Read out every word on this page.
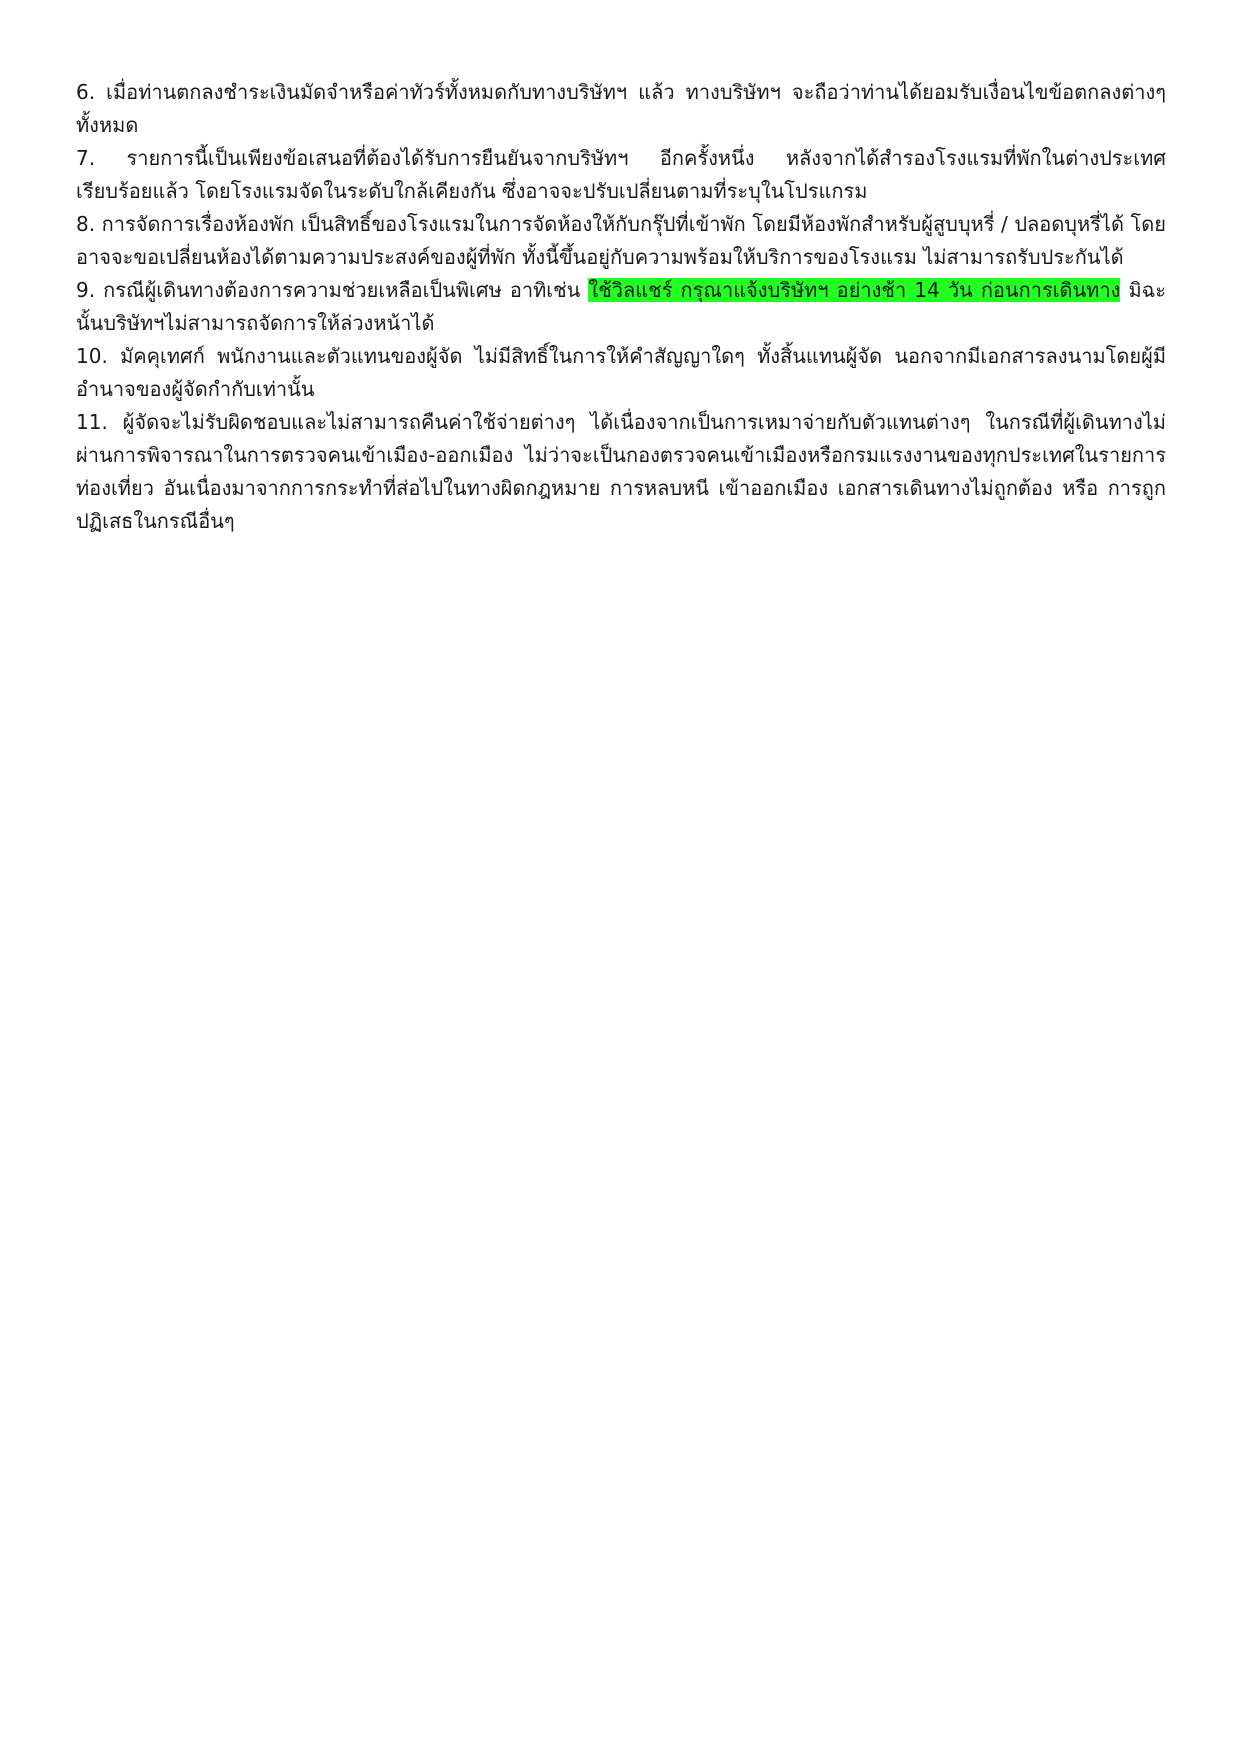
6. เมื่อท่านตกลงชำระเงินมัดจำหรือค่าทัวร์ทั้งหมดกับทางบริษัทฯ แล้ว ทางบริษัทฯ จะถือว่าท่านได้ยอมรับเงื่อนไขข้อตกลงต่างๆ ทั้งหมด

7. รายการนี้เป็นเพียงข้อเสนอที่ต้องได้รับการยืนยันจากบริษัทฯ อีกครั้งหนึ่ง หลังจากได้สำรองโรงแรมที่พักในต่างประเทศเรียบร้อยแล้ว โดยโรงแรมจัดในระดับใกล้เคียงกัน ซึ่งอาจจะปรับเปลี่ยนตามที่ระบุในโปรแกรม

8. การจัดการเรื่องห้องพัก เป็นสิทธิ์ของโรงแรมในการจัดห้องให้กับกรุ๊ปที่เข้าพัก โดยมีห้องพักสำหรับผู้สูบบุหรี่ / ปลอดบุหรี่ได้ โดยอาจจะขอเปลี่ยนห้องได้ตามความประสงค์ของผู้ที่พัก ทั้งนี้ขึ้นอยู่กับความพร้อมให้บริการของโรงแรม ไม่สามารถรับประกันได้

9. กรณีผู้เดินทางต้องการความช่วยเหลือเป็นพิเศษ อาทิเช่น ใช้วิลแชร์ กรุณาแจ้งบริษัทฯ อย่างช้า 14 วัน ก่อนการเดินทาง มิฉะนั้นบริษัทฯไม่สามารถจัดการให้ล่วงหน้าได้

10. มัคคุเทศก์ พนักงานและตัวแทนของผู้จัด ไม่มีสิทธิ์ในการให้คำสัญญาใดๆ ทั้งสิ้นแทนผู้จัด นอกจากมีเอกสารลงนามโดยผู้มีอำนาจของผู้จัดกำกับเท่านั้น

11. ผู้จัดจะไม่รับผิดชอบและไม่สามารถคืนค่าใช้จ่ายต่างๆ ได้เนื่องจากเป็นการเหมาจ่ายกับตัวแทนต่างๆ ในกรณีที่ผู้เดินทางไม่ผ่านการพิจารณาในการตรวจคนเข้าเมือง-ออกเมือง ไม่ว่าจะเป็นกองตรวจคนเข้าเมืองหรือกรมแรงงานของทุกประเทศในรายการท่องเที่ยว อันเนื่องมาจากการกระทำที่ส่อไปในทางผิดกฎหมาย การหลบหนี เข้าออกเมือง เอกสารเดินทางไม่ถูกต้อง หรือ การถูกปฏิเสธในกรณีอื่นๆ
